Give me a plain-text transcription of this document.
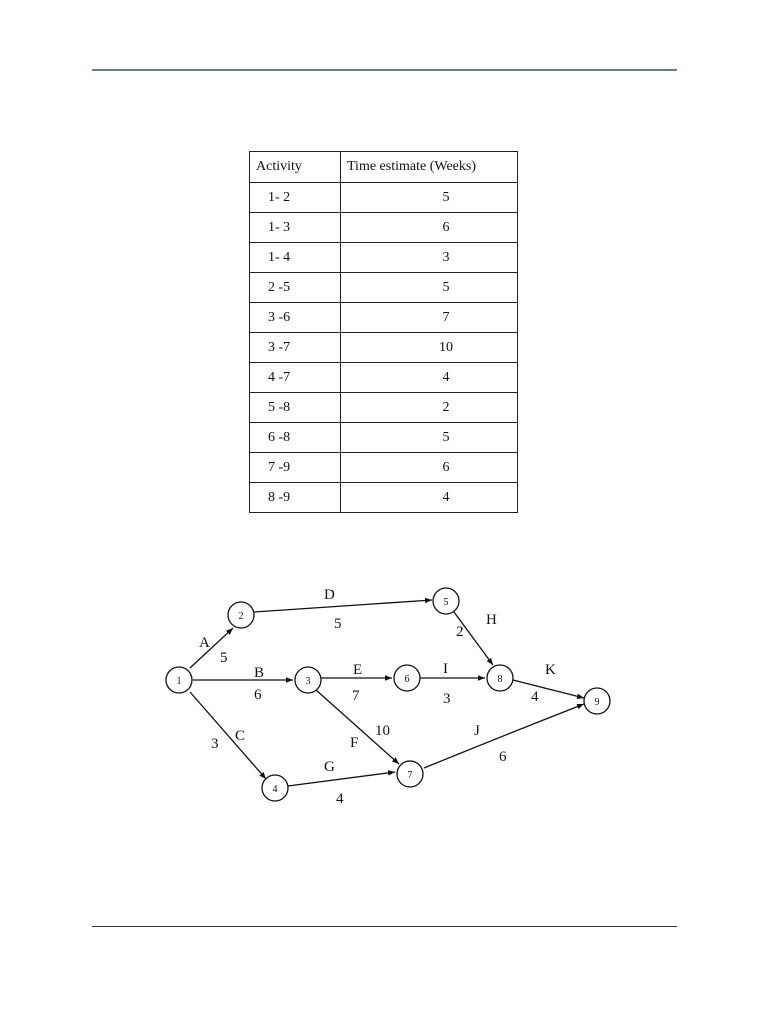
Activity	Time estimate (Weeks)
1- 2	5
1- 3	6
1- 4	3
2 -5	5
3 -6	7
3 -7	10
4 -7	4
5 -8	2
6 -8	5
7 -9	6
8 -9	4
A
B
C
D
E
F
G
H
I
J
K
5
6
3
5
7
10
4
2
3
6
4
1
2
3
4
5
6
7
8
9
